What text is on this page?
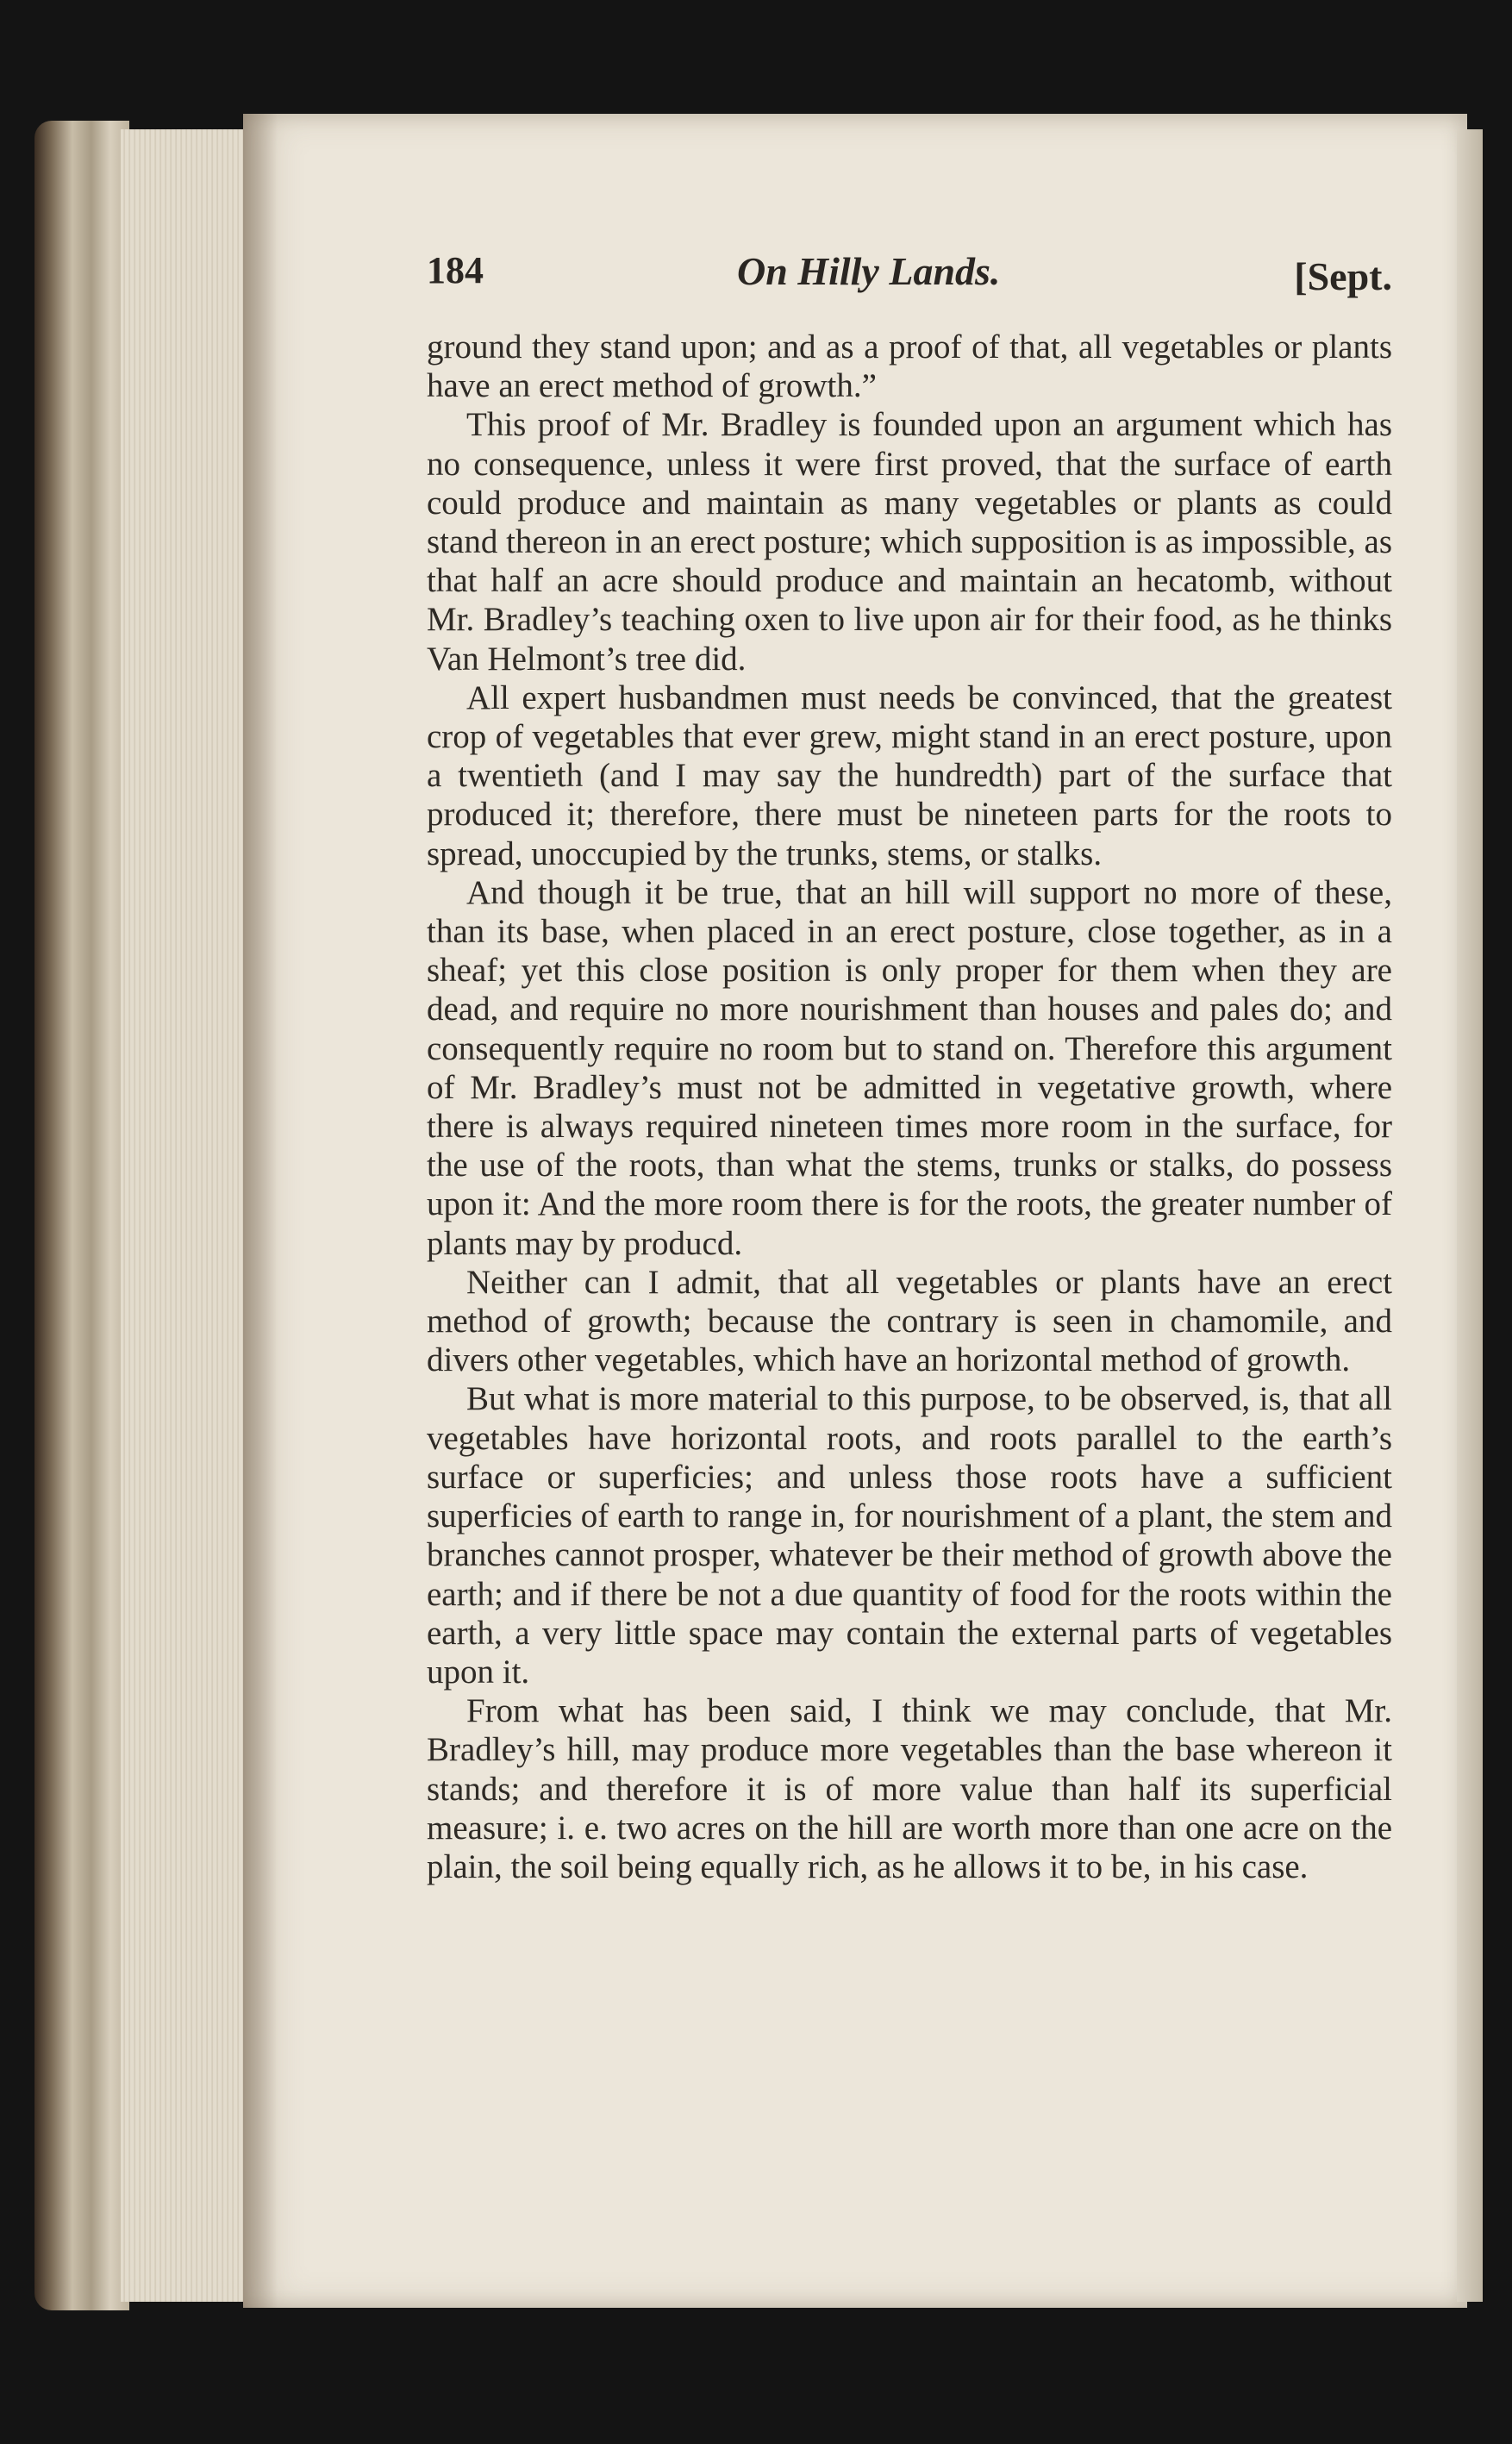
184	On Hilly Lands.	[Sept.

ground they stand upon; and as a proof of that, all vegetables or plants have an erect method of growth.”

This proof of Mr. Bradley is founded upon an argument which has no consequence, unless it were first proved, that the surface of earth could produce and maintain as many vegetables or plants as could stand thereon in an erect posture; which supposition is as impossible, as that half an acre should produce and maintain an hecatomb, without Mr. Bradley’s teaching oxen to live upon air for their food, as he thinks Van Helmont’s tree did.

All expert husbandmen must needs be convinced, that the greatest crop of vegetables that ever grew, might stand in an erect posture, upon a twentieth (and I may say the hundredth) part of the surface that produced it; therefore, there must be nineteen parts for the roots to spread, unoccupied by the trunks, stems, or stalks.

And though it be true, that an hill will support no more of these, than its base, when placed in an erect posture, close together, as in a sheaf; yet this close position is only proper for them when they are dead, and require no more nourishment than houses and pales do; and consequently require no room but to stand on. Therefore this argument of Mr. Bradley’s must not be admitted in vegetative growth, where there is always required nineteen times more room in the surface, for the use of the roots, than what the stems, trunks or stalks, do possess upon it: And the more room there is for the roots, the greater number of plants may by producd.

Neither can I admit, that all vegetables or plants have an erect method of growth; because the contrary is seen in chamomile, and divers other vegetables, which have an horizontal method of growth.

But what is more material to this purpose, to be observed, is, that all vegetables have horizontal roots, and roots parallel to the earth’s surface or superficies; and unless those roots have a sufficient superficies of earth to range in, for nourishment of a plant, the stem and branches cannot prosper, whatever be their method of growth above the earth; and if there be not a due quantity of food for the roots within the earth, a very little space may contain the external parts of vegetables upon it.

From what has been said, I think we may conclude, that Mr. Bradley’s hill, may produce more vegetables than the base whereon it stands; and therefore it is of more value than half its superficial measure; i. e. two acres on the hill are worth more than one acre on the plain, the soil being equally rich, as he allows it to be, in his case.
